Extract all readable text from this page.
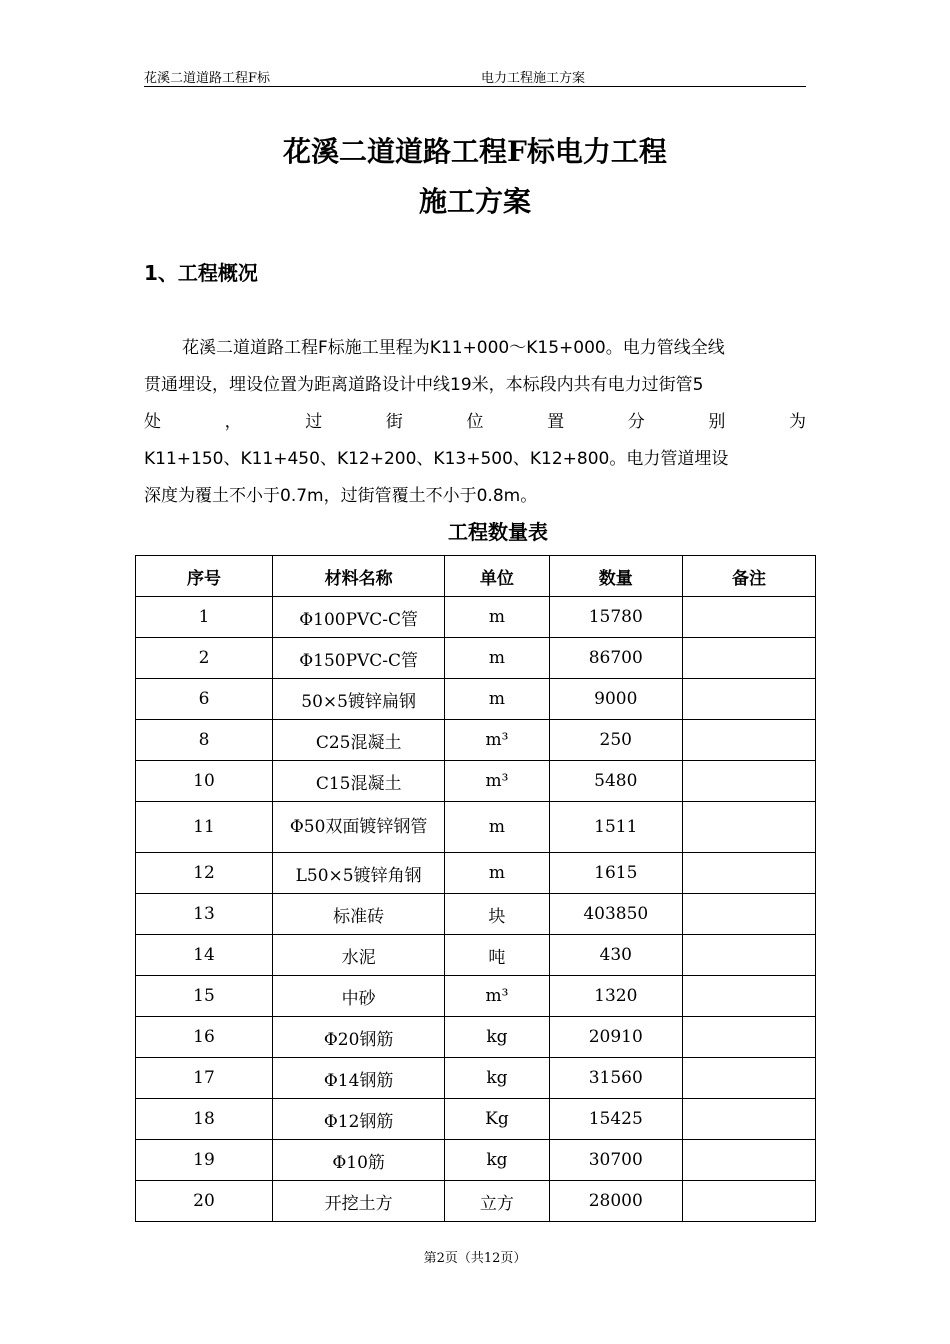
花溪二道道路工程F标	电力工程施工方案
花溪二道道路工程F标电力工程
施工方案
1、工程概况
花溪二道道路工程F标施工里程为K11+000～K15+000。电力管线全线
贯通埋设，埋设位置为距离道路设计中线19米，本标段内共有电力过街管5
处	，	过	街	位	置	分	别	为
K11+150、K11+450、K12+200、K13+500、K12+800。电力管道埋设
深度为覆土不小于0.7m，过街管覆土不小于0.8m。
工程数量表
序号	材料名称	单位	数量	备注
1	Φ100PVC-C管	m	15780	
2	Φ150PVC-C管	m	86700	
6	50×5镀锌扁钢	m	9000	
8	C25混凝土	m³	250	
10	C15混凝土	m³	5480	
11	Φ50双面镀锌钢管	m	1511	
12	L50×5镀锌角钢	m	1615	
13	标准砖	块	403850	
14	水泥	吨	430	
15	中砂	m³	1320	
16	Φ20钢筋	kg	20910	
17	Φ14钢筋	kg	31560	
18	Φ12钢筋	Kg	15425	
19	Φ10筋	kg	30700	
20	开挖土方	立方	28000	
第2页（共12页）
